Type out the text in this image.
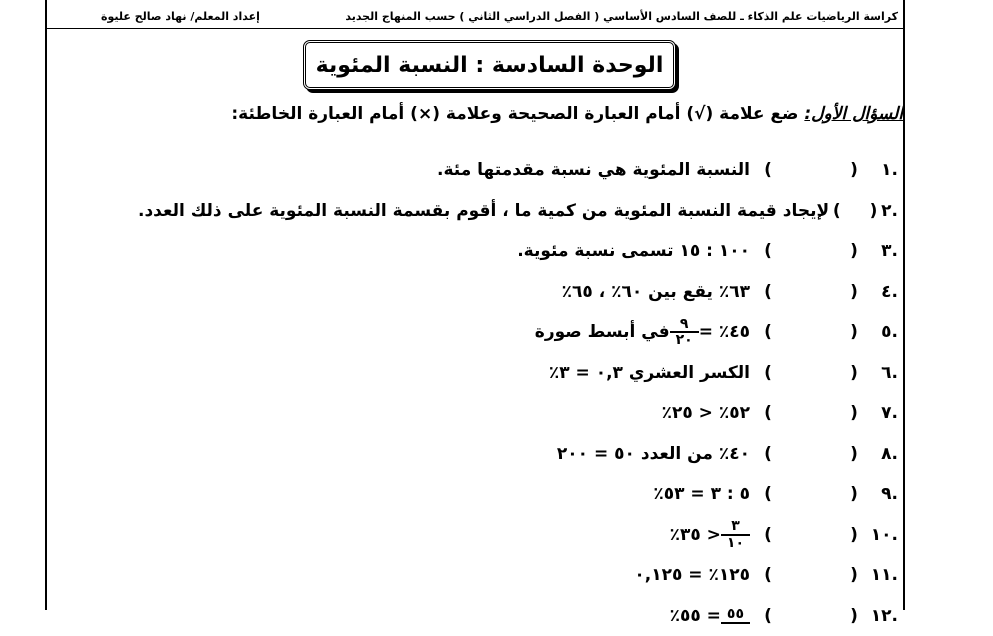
كراسة الرياضيات علم الذكاء ـ للصف السادس الأساسي ( الفصل الدراسي الثاني ) حسب المنهاج الجديد
إعداد المعلم/ نهاد صالح عليوة
الوحدة السادسة : النسبة المئوية
السؤال الأول: ضع علامة (√) أمام العبارة الصحيحة وعلامة (×) أمام العبارة الخاطئة:
.١
(
)
النسبة المئوية هي نسبة مقدمتها مئة.
.٢
(
)
لإيجاد قيمة النسبة المئوية من كمية ما ، أقوم بقسمة النسبة المئوية على ذلك العدد.
.٣
(
)
١٠٠ : ١٥ تسمى نسبة مئوية.
.٤
(
)
٦٣٪ يقع بين ٦٠٪ ، ٦٥٪
.٥
(
)
٤٥٪ =
$\frac{٩}{٢٠}$
في أبسط صورة
.٦
(
)
الكسر العشري ٠,٣ = ٣٪
.٧
(
)
٥٢٪ < ٢٥٪
.٨
(
)
٤٠٪ من العدد ٥٠ = ٢٠٠
.٩
(
)
٥ : ٣ = ٥٣٪
.١٠
(
)
$\frac{٣}{١٠}$
< ٣٥٪
.١١
(
)
١٢٥٪ = ٠,١٢٥
.١٢
(
)
٥٥
= ٥٥٪
